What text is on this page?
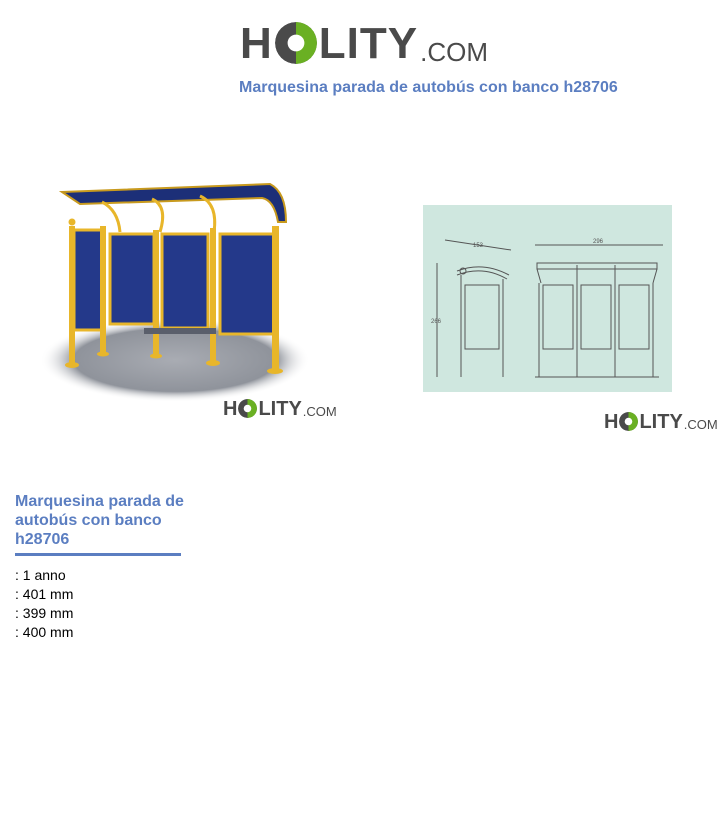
H LITY .COM
Marquesina parada de autobús con banco h28706
H LITY .COM
153
296
266
H LITY .COM
Marquesina parada de autobús con banco h28706
: 1 anno
: 401 mm
: 399 mm
: 400 mm
